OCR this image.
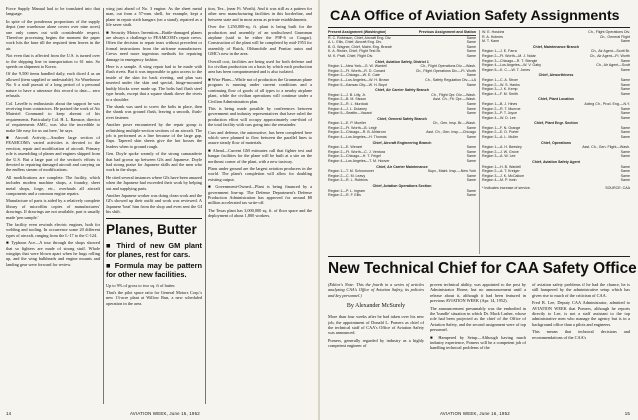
Force Supply Manual had to be translated into that language.

In spite of the ponderous proportions of the supply depot (one warehouse alone covers over nine acres) one only comes out with considerable respect. Therefore processing begins the moment the paper work hits the base till the required item leaves in the air.

Not even that is affected from the U.S. is turned over to the shipping line in transportation to 61 min. So speeds on shipment to Korea.

Of the 9,500 items handled daily, each diced 4 as an allowed (item supplied or undesirable). So Warehouse No. 6 a staff pursuit of a long period of a personal nature to have a utterance this record to date— zero refusals.

Col. Lavelle is enthusiastic about the support he was receiving from contractors. He praised the work of Air Materiel Command to keep abreast of his requirements. Particularly Col. H. L. Ramsoe, director of requirements AMC, was 'also the incredible to make life easy for us out here,' he says.

■ Aircraft Activity—Another large section of FEAMCOM's varied activities is devoted to the erection, repair and modification of aircraft. Primary role is assembling of planes and engines shipped from the U.S. But a large part of the section's efforts is devoted to repairing damaged aircraft and carrying on the endless stream of modifications.

All modifications are complete. The facility, which includes modern machine shops, a foundry, sheet metal shops, forge, etc., overhauls all aircraft components and a common engine repairs.

Manufacture of parts is aided by a relatively complete library of microfilm copies of manufacturers' drawings. If drawings are not available, part is usually made 'pen sample.'

The facility even rewinds electric engines, both for welding and tooling. In occurrence some 20 different types of aircraft, ranging from the L-17 to the C-124.

■ Typhoon Ace—A tour through the shops showed that so fighters are made of strong stuff. Whole wingtips that were blown apart when he hugs rolling up, and the wing bulkheads and engine mounts and landing gear were forward for review.

wing just ahead of No. 3 engine. As the sheet metal man, cut from a 57-mm. shell, for example, kept a plane in repair sixth hangars (on a stand), repaired as a life saver sixth.

■ Security Motors Invention—Battle-damaged planes are always a challenge to FEAMCOM's repair crews. Often the decision to repair tears without precedent or formal instructions from the airframe manufacturer. Crews need more ingenious methods for repairing damage in emergency fashion.

Here is a sample. A wing repair had to be made with flush rivets. But it was impossible to gain access to the inside of the skin for back riveting, and plan was inserted under the skin and special, hinge-mounted buddy blocks were made up. The bolts had flush steel type heads, except that a square shank drove the rivets to a shoulder.

The shank was used to screw the bolts in place, then the shank was ground flush, leaving a smooth, flush-rivet fastener.

Another poser encountered by the repair group is refinishing multiple-section sections of an aircraft. The job is performed as a line because of the large gap, flaps. Tapered skin sheets give the hot bosses the leaders when to ground rough.

Gen. Doyle spoke warmly of the strong camaraderie that had grown up between GIs and Japanese. Doyle had strong praise for Japanese skills and the men who work in the shops.

He cited several instances where GIs have been amazed when the Japanese had exceeded their work by helping out and supplying parts.

Another Japanese worker was doing clean work and the GI's showed up their outfit and work was reviewed. A Japanese 'beat' him from the shop and even sent the GI his shift.

Planes, Butter
■ Third of new GM plant for planes, rest for cars.
■ Formula may be pattern for other new facilities.

Up to 9% of gross to two sq. ft of butter.

That's the pilot space ratio for General Motors Corp.'s new 13-acre plant at Willow Run, a new scheduled operation in the area.

tion, Tex., (near Ft. Worth). And it was still as a pattern for other new manufacturing facilities in this borderline, and between state and in most areas as private establishments.

Over the 1,250,000-sq. ft. plant is being built for the production and assembly of an undisclosed Grumman airplane (said to be either the F9F-6 or Cougar). Construction of the plant will be completed by mid-1953 for assembly of Buick, Oldsmobile and Pontiac autos and GMC's new in the area.

Overall cost, facilities are being used for both defense and for civilian production on a basis by which each production area has been compartmented and is also isolated.

■ Wise Plans—While not of production the Grumman plane program is running under current conditions and a continuing flow of goods of all types to a nearby airplane plant, while the civilian operations will continue under a Civilian Administration plan.

This is being made possible by conferences between government and industry representatives that have ruled the production effort will occupy approximately one-third of the total facility with cars going into the remainder.

Cars and defense, the automotive, has been completed here which were planned to flow between the parallel lines to assure steady flow of materials.

■ Ahead—Current GM estimates call that fighter test and hangar facilities for the plane will be built at a site on the northeast corner of the plant, with a new taxiway.

Plans under ground are the largest aviation producers in the world. The plant's completion will allow for doubling existing output.

■ Government-Owned—Plant is being financed by a government line-up. The Defense Department's Defense Production Administration has approved for around $8 million accelerated tax write-off.

The Texas plant has 3,000,000 sq. ft. of floor space and the deployment of about 1,800 workers.

14	AVIATION WEEK, June 16, 1952
CAA Office of Aviation Safety Assignments
Present Assignment (Washington)	Previous Assignment and Station
R. C. Robinson, Chief, Aircraft Eng. Div.	Same
A. L. Ellis, Chief, Aircraft Eng. Div.	Same
B. G. Wagner, Chief, Maint. Eng. Branch	Same
K. A. Risher, Chief, Flight Test Br.	Same
M. K. Pratt, Chief, Flight Div.	Same
Chief, Aviation Safety, District 1
Region 1—New York—G. W. Wardell	Ch., Flight Operations Div.—Wash.
Region 2—Ft. Worth—R. D. Conard	Ch., Flight Operations Div.—Ft. Worth
Region 3—Chicago—W. E. Cate	Same
Region 4—Los Angeles—W. H. Brown	Ch., Safety Regulation Div.—LA
Region 5—Kansas City—W. H. Boyd	Same
Chief, Air Carrier Safety Branch
Region 1—J. B. Lilly, Jr.	Ch., Flight Opr. Div.—Wash.
Region 2—B. M. Sisson	Asst. Ch., Flt. Opr.—Wash.
Region 3—R. L. Murdock	Same
Region 4—J. L. Dulaney	Same
Region 5—Seattle—Vacant	Same
Chief, General Safety Branch
Region 1—E. P. Mueller	Ch., Gen. Insp. Br.—Wash.
Region 2—Ft. Worth—B. Leigh	Same
Region 3—Chicago—R. B. Ahlstrom	Asst. Ch., Gen. Insp.—Chicago
Region 4—Los Angeles—H. Thomas	Same
Chief, Aircraft Engineering Branch
Region 1—E. Wenzel	Same
Region 2—Ft. Worth—C. J. Ventura	Same
Region 3—Chicago—H. T. Feigel	Same
Region 4—Los Angeles—T. M. Hoover	Same
Chief, Air Carrier Maintenance
Region 1—T. M. Schoonover	Supv., Maint. Insp.—New York
Region 2—C. M. Leavy	Same
Region 3—R. L. Robbins	Same
Chief, Aviation Operations Section
Region 1—P. L. Ingram	Same
Region 2—R. F. Ellis	Same
W. E. Hoskins	Ch., Flight Operations Div.
R. A. Holmes	Ch., General Flight
M. T. Kane	Same
Chief, Maintenance Branch
Region 1—J. E. Farra	Ch., Air Agent—Scott Br.
Region 2—Ft. Worth—M. J. Nolan	Ch., Air Agent—Ft. Worth
Region 3—Chicago—R. T. Stengle	Same
Region 4—Los Angeles—W. V. Gaby	Ch., Air Agent—Scott
Region 5—K. C.—W. T. Jones	Same
Chief, Airworthiness
Region 1—C. A. Strom	Same
Region 2—W. S. Hanks	Same
Region 3—J. K. Kemp	Same
Region 4—F. M. Smith	Same
Chief, Plant Location
Region 1—B. J. Hines	Acting Ch., Prod. Eng.—N.Y.
Region 2—R. T. Munroe	Same
Region 3—P. T. Joyce	Same
Region 4—W. D. Lee	Same
Chief, Plant Engr. Section
Region 1—F. N. Grange	Same
Region 2—E. D. Porter	Same
Region 3—A. L. Muller	Same
Chief, Operations
Region 1—A. H. Beesley	Asst. Ch., Gen. Flight—Wash.
Region 2—J. W. Grove	Same
Region 3—A. W. Lee	Same
Chief, Aviation Safety Agent
Region 1—H. B. Wardell	Same
Region 2—A. T. Kreiger	Same
Region 3—J. K. McCallum	Same
Region 4—M. P. Irwin	Same
* Indicates increase of service.	SOURCE: CAA
New Technical Chief for CAA Safety Office

(Editor's Note: This the fourth in a series of articles analyzing CAA's Office of Aviation Safety, its policies and key personnel.)

By Alexander McSurely

More than four weeks after he had taken over his new job, the appointment of Donald L. Pomers as chief of the technical staff of CAA's Office of Aviation Safety was announced.

Pomers, generally regarded by industry as a highly competent engineer of

proven technical ability, was appointed to the post by Administrator Horne, but no announcement until a release about it, although it had been featured in previous AVIATION WEEK (Apr. 14, 1952).

The announcement presumably was the embodied in the 'bundle' situation in which Dr. Mack Lasher, whose role had been projected as the chief of the Office of Aviation Safety, and the second assignment were of top personnel.

■ Hampered by Setup—Although having much industry experience, Pomers will be a competent job of handling technical problems of the

of aviation safety problems if he had the chance, he is still hampered by the administrative setup which has given rise to much of the criticism of CAA.

Fred B. Lee, Deputy CAA Administrator, admitted to AVIATION WEEK that Pomers, although he reports directly to Lee, is not a staff assistant to the top administrative men who manage the agency but is in a background office than a pilots and engineers.

This means that technical decisions and recommendations of the CAA's

AVIATION WEEK, June 16, 1952	15
